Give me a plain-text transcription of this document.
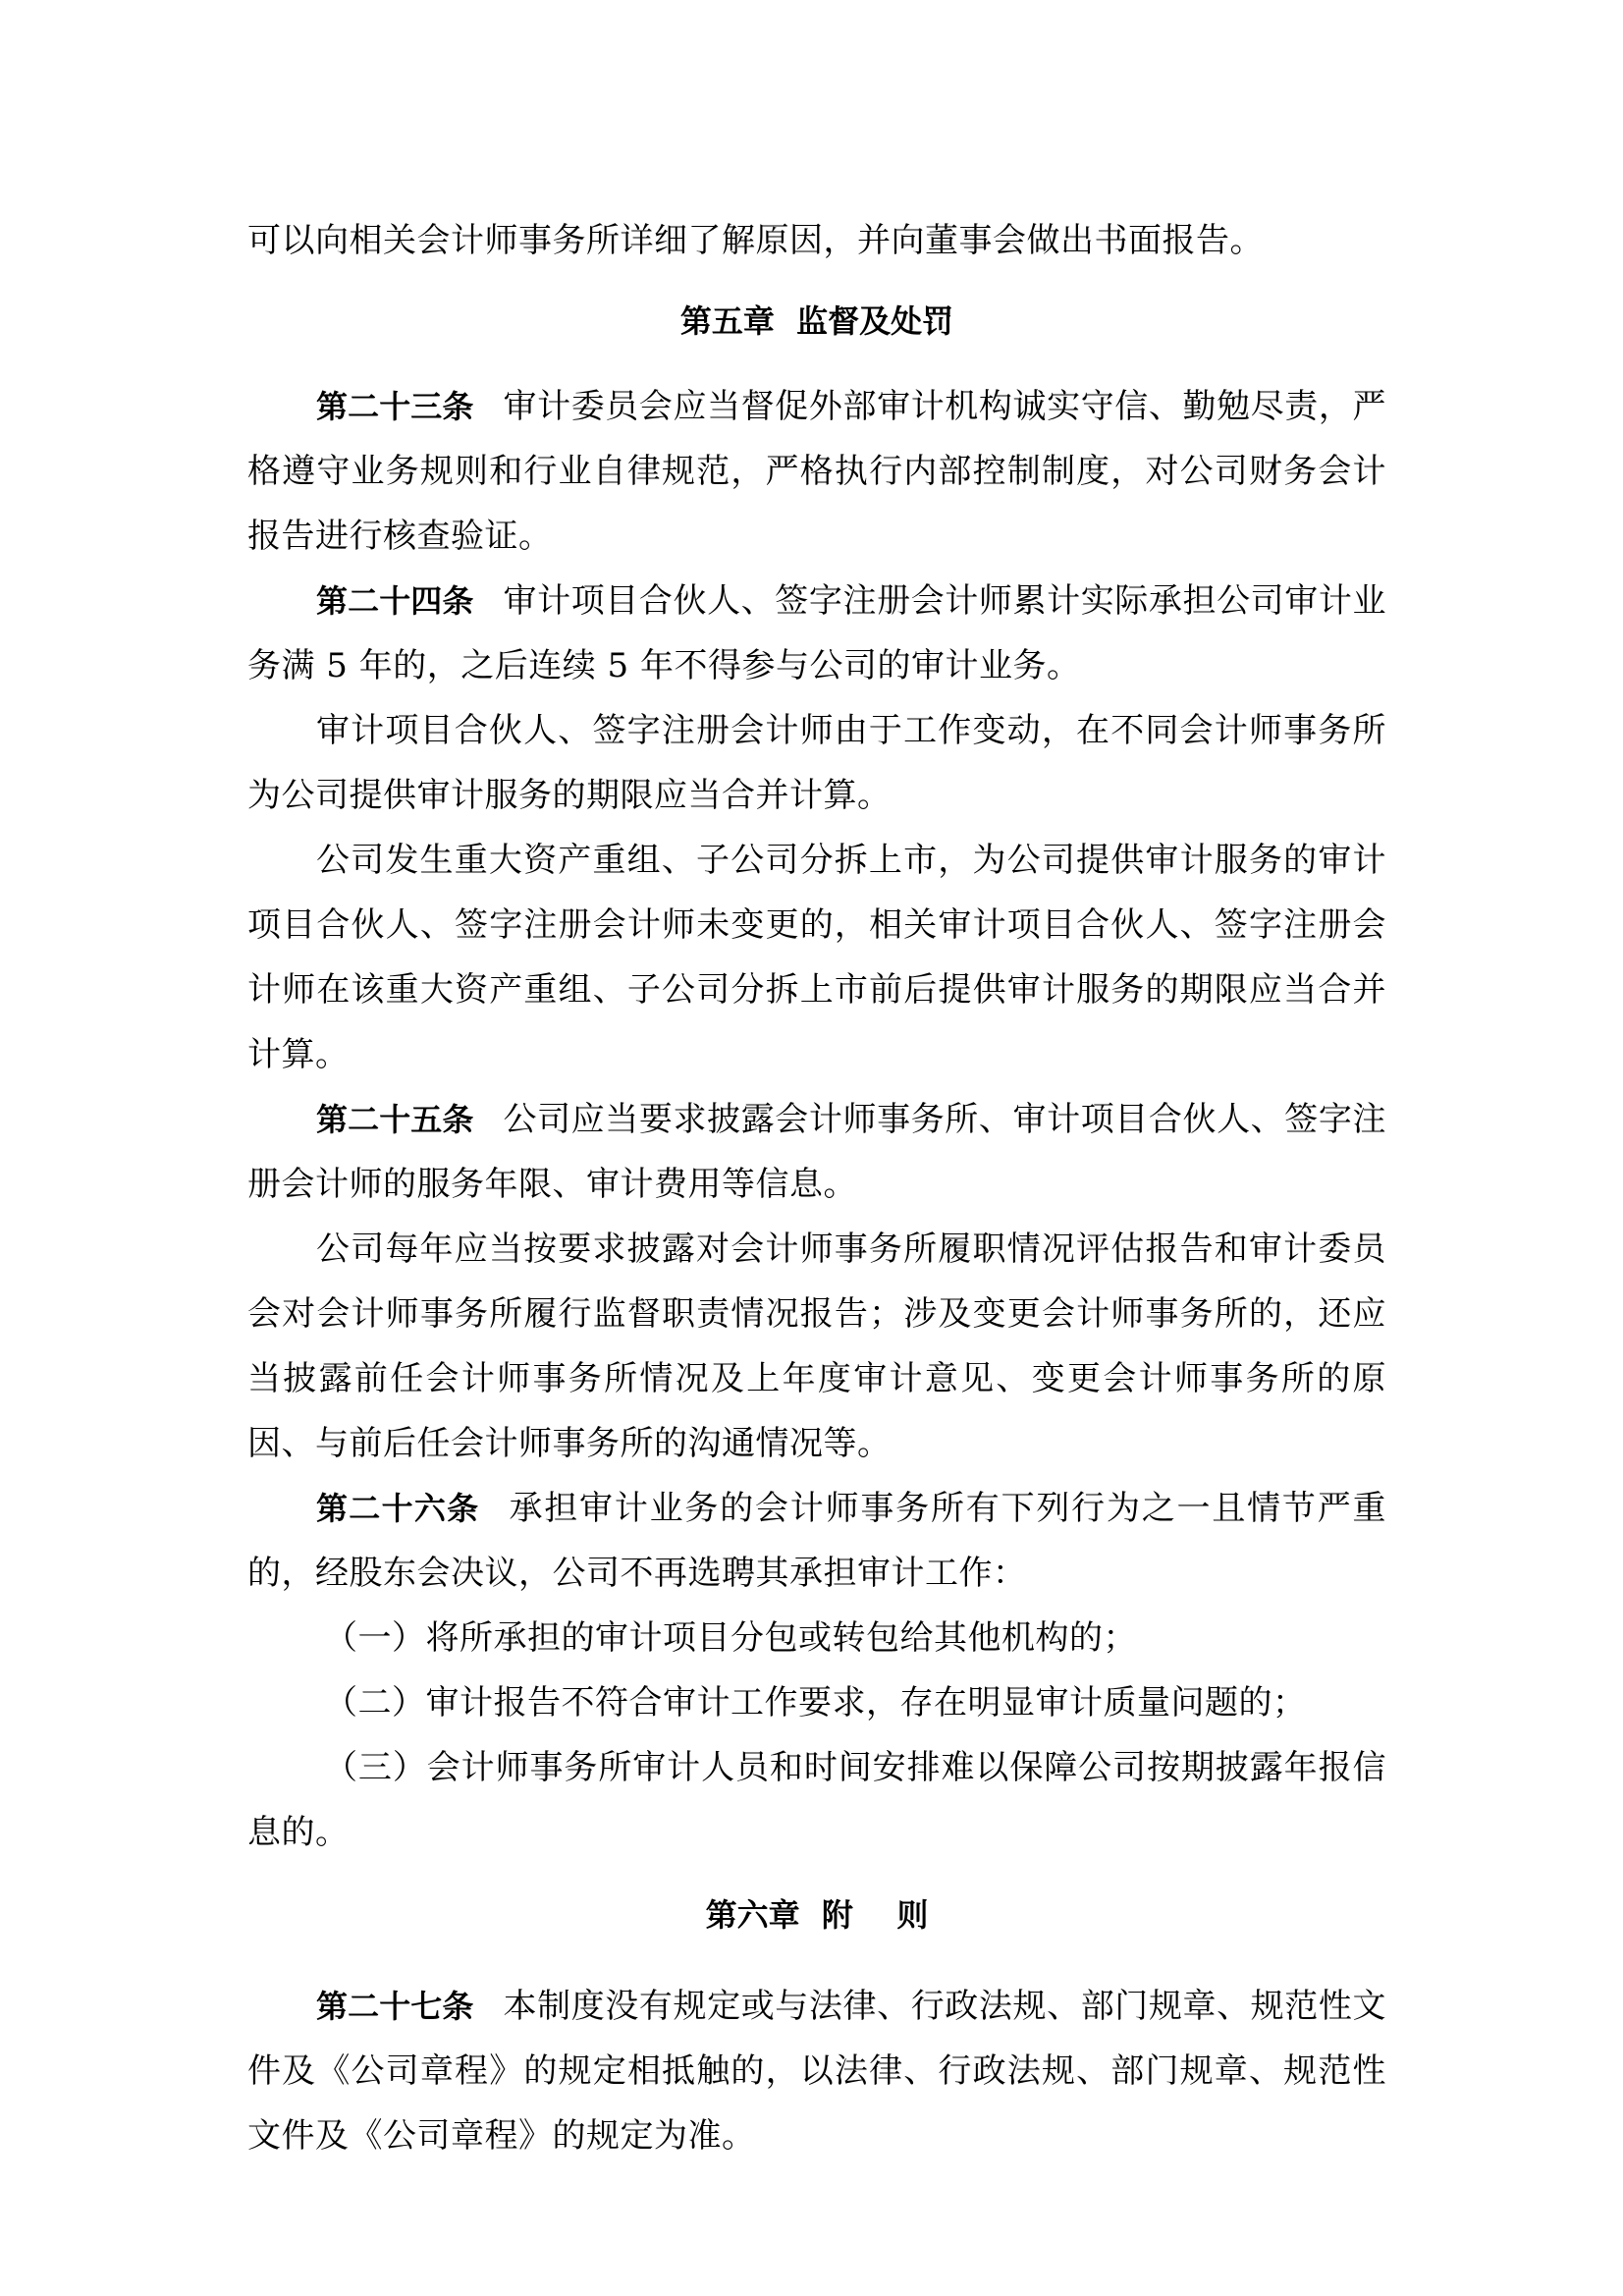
可以向相关会计师事务所详细了解原因，并向董事会做出书面报告。

第五章  监督及处罚

第二十三条 审计委员会应当督促外部审计机构诚实守信、勤勉尽责，严格遵守业务规则和行业自律规范，严格执行内部控制制度，对公司财务会计报告进行核查验证。

第二十四条 审计项目合伙人、签字注册会计师累计实际承担公司审计业务满 5 年的，之后连续 5 年不得参与公司的审计业务。

审计项目合伙人、签字注册会计师由于工作变动，在不同会计师事务所为公司提供审计服务的期限应当合并计算。

公司发生重大资产重组、子公司分拆上市，为公司提供审计服务的审计项目合伙人、签字注册会计师未变更的，相关审计项目合伙人、签字注册会计师在该重大资产重组、子公司分拆上市前后提供审计服务的期限应当合并计算。

第二十五条 公司应当要求披露会计师事务所、审计项目合伙人、签字注册会计师的服务年限、审计费用等信息。

公司每年应当按要求披露对会计师事务所履职情况评估报告和审计委员会对会计师事务所履行监督职责情况报告；涉及变更会计师事务所的，还应当披露前任会计师事务所情况及上年度审计意见、变更会计师事务所的原因、与前后任会计师事务所的沟通情况等。

第二十六条 承担审计业务的会计师事务所有下列行为之一且情节严重的，经股东会决议，公司不再选聘其承担审计工作：

（一）将所承担的审计项目分包或转包给其他机构的；

（二）审计报告不符合审计工作要求，存在明显审计质量问题的；

（三）会计师事务所审计人员和时间安排难以保障公司按期披露年报信息的。

第六章  附    则

第二十七条 本制度没有规定或与法律、行政法规、部门规章、规范性文件及《公司章程》的规定相抵触的，以法律、行政法规、部门规章、规范性文件及《公司章程》的规定为准。
